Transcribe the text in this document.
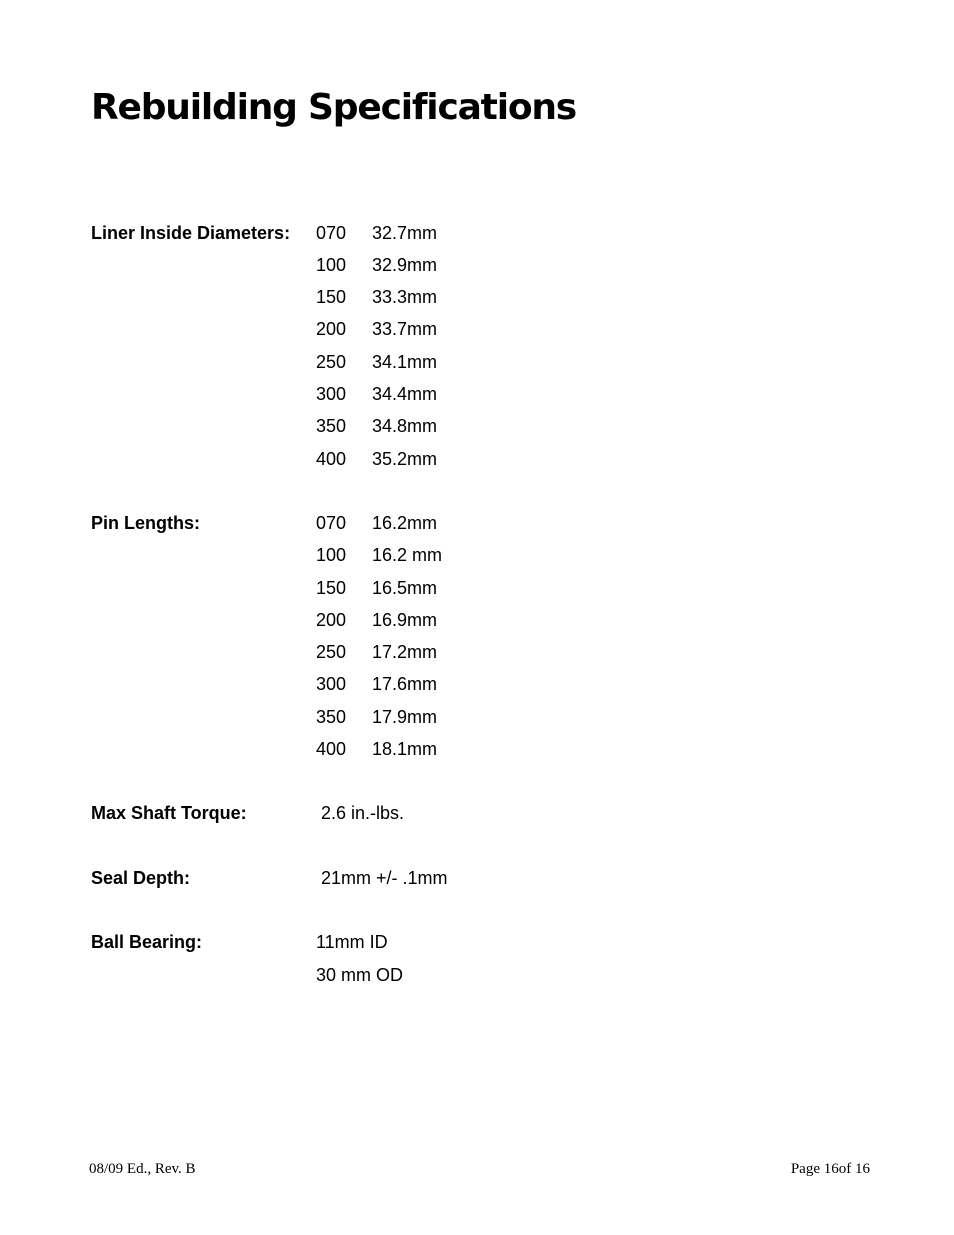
Rebuilding Specifications
Liner Inside Diameters: 070 32.7mm
100 32.9mm
150 33.3mm
200 33.7mm
250 34.1mm
300 34.4mm
350 34.8mm
400 35.2mm
Pin Lengths:	070 16.2mm
100 16.2 mm
150 16.5mm
200 16.9mm
250 17.2mm
300 17.6mm
350 17.9mm
400 18.1mm
Max Shaft Torque:	2.6 in.-lbs.
Seal Depth:	21mm +/- .1mm
Ball Bearing:	11mm ID
30 mm OD
08/09 Ed., Rev. B	Page 16of 16
